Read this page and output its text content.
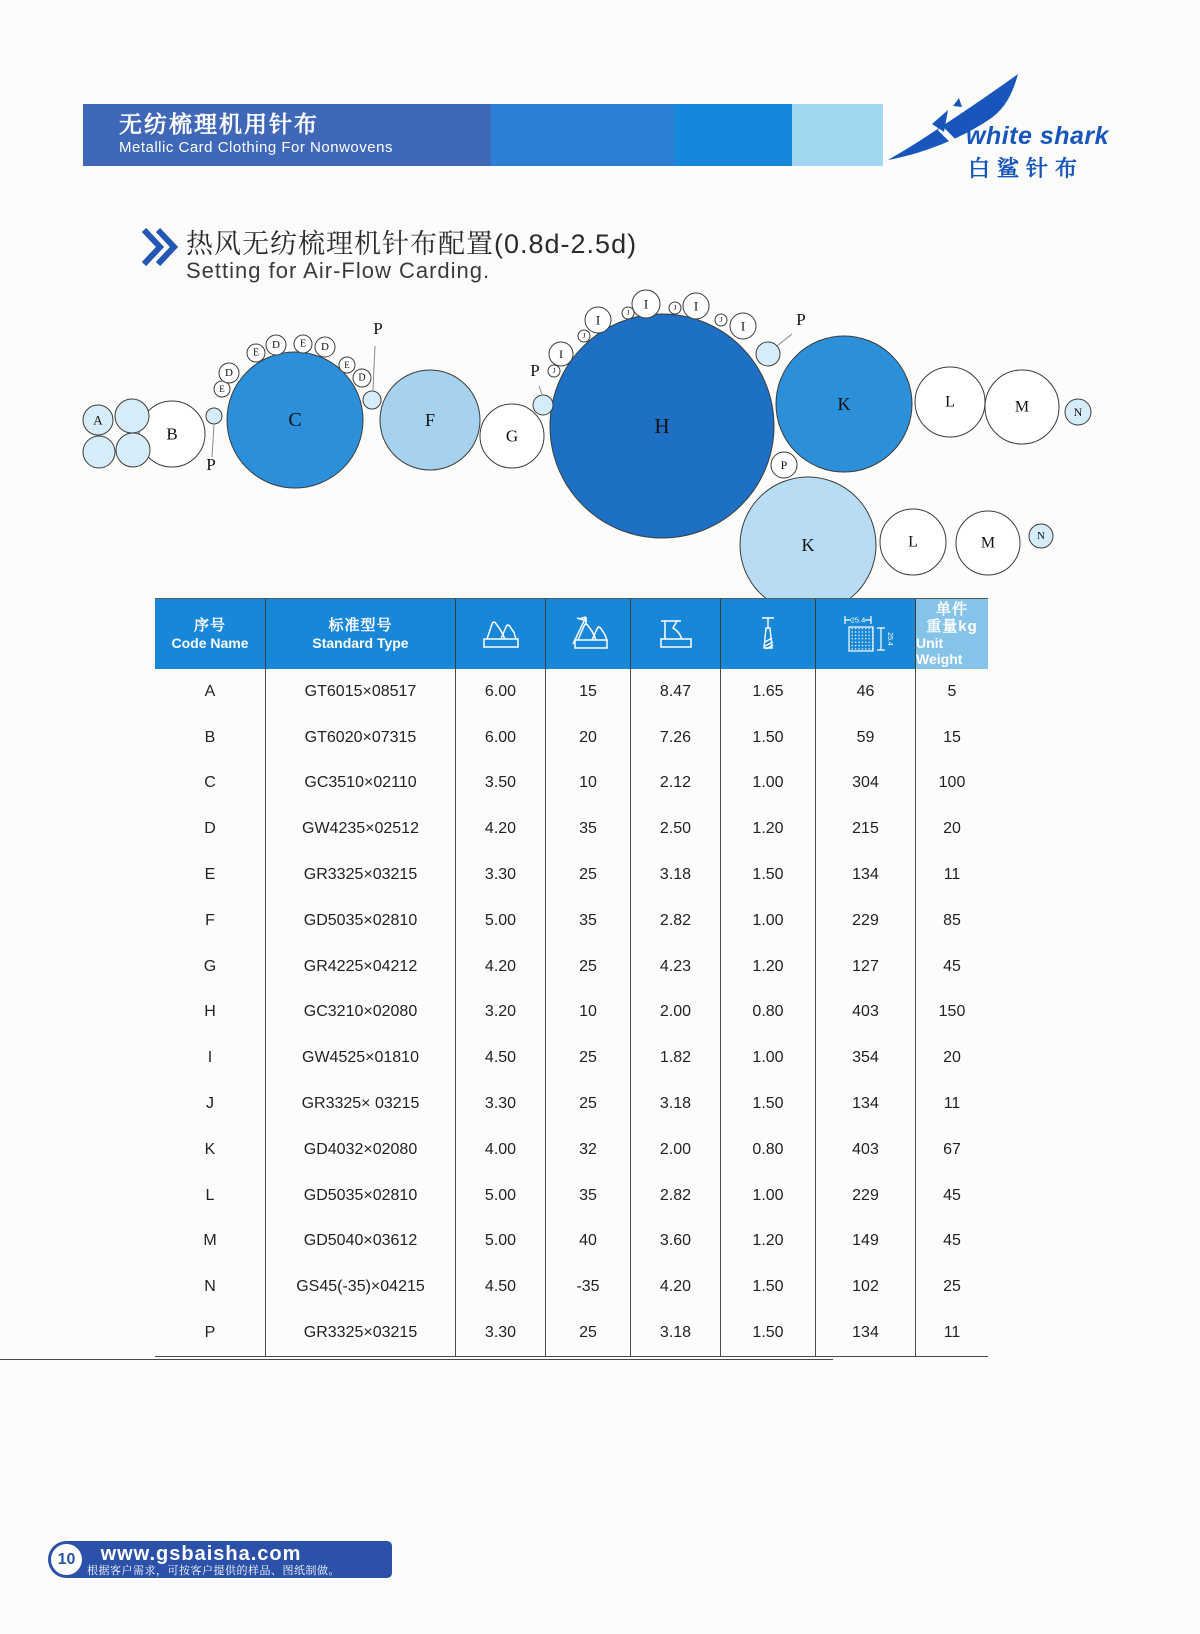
无纺梳理机用针布
Metallic Card Clothing For Nonwovens	white shark
白鲨针布
热风无纺梳理机针布配置(0.8d-2.5d)
Setting for Air-Flow Carding.
H
C
K
K
F
L	M
L	M
B	G
A
N
N
P
E
D
E
D E D
E
D
I
J
I
J
I
J	I
J
I
J
P
P
P
P
序号
Code Name
标准型号
Standard Type
25.4
25.4
单件
重量kg
Unit Weight
A	GT6015×08517	6.00	15	8.47	1.65	46	5
B	GT6020×07315	6.00	20	7.26	1.50	59	15
C	GC3510×02110	3.50	10	2.12	1.00	304	100
D	GW4235×02512	4.20	35	2.50	1.20	215	20
E	GR3325×03215	3.30	25	3.18	1.50	134	11
F	GD5035×02810	5.00	35	2.82	1.00	229	85
G	GR4225×04212	4.20	25	4.23	1.20	127	45
H	GC3210×02080	3.20	10	2.00	0.80	403	150
I	GW4525×01810	4.50	25	1.82	1.00	354	20
J	GR3325× 03215	3.30	25	3.18	1.50	134	11
K	GD4032×02080	4.00	32	2.00	0.80	403	67
L	GD5035×02810	5.00	35	2.82	1.00	229	45
M	GD5040×03612	5.00	40	3.60	1.20	149	45
N	GS45(-35)×04215	4.50	-35	4.20	1.50	102	25
P	GR3325×03215	3.30	25	3.18	1.50	134	11
10	www.gsbaisha.com
根据客户需求，可按客户提供的样品、图纸制做。
